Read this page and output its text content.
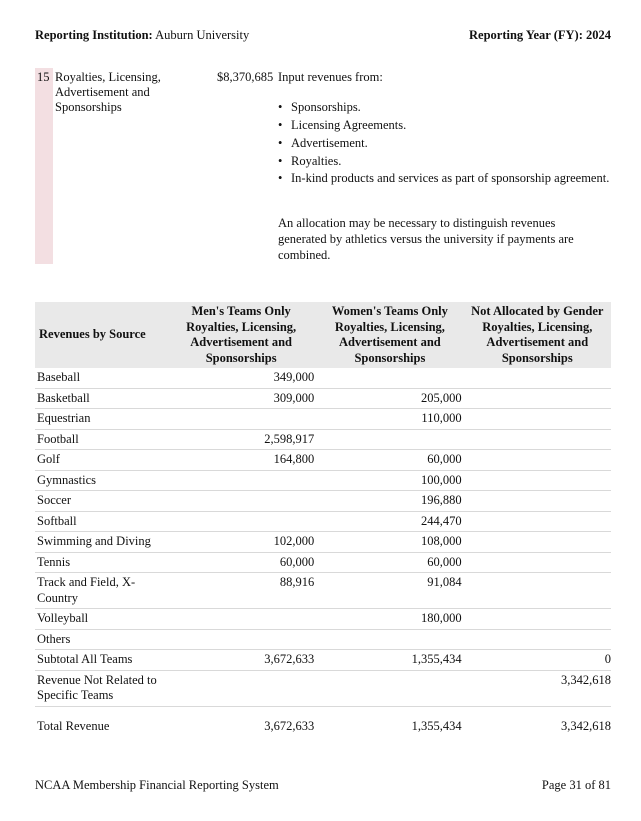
Reporting Institution: Auburn University	Reporting Year (FY): 2024
15 Royalties, Licensing, Advertisement and Sponsorships
$8,370,685 Input revenues from:
• Sponsorships.
• Licensing Agreements.
• Advertisement.
• Royalties.
• In-kind products and services as part of sponsorship agreement.
An allocation may be necessary to distinguish revenues generated by athletics versus the university if payments are combined.
Revenues by Source	Men's Teams Only Royalties, Licensing, Advertisement and Sponsorships	Women's Teams Only Royalties, Licensing, Advertisement and Sponsorships	Not Allocated by Gender Royalties, Licensing, Advertisement and Sponsorships
Baseball	349,000		
Basketball	309,000	205,000	
Equestrian		110,000	
Football	2,598,917		
Golf	164,800	60,000	
Gymnastics		100,000	
Soccer		196,880	
Softball		244,470	
Swimming and Diving	102,000	108,000	
Tennis	60,000	60,000	
Track and Field, X-Country	88,916	91,084	
Volleyball		180,000	
Others			
Subtotal All Teams	3,672,633	1,355,434	0
Revenue Not Related to Specific Teams			3,342,618
Total Revenue	3,672,633	1,355,434	3,342,618
NCAA Membership Financial Reporting System	Page 31 of 81
